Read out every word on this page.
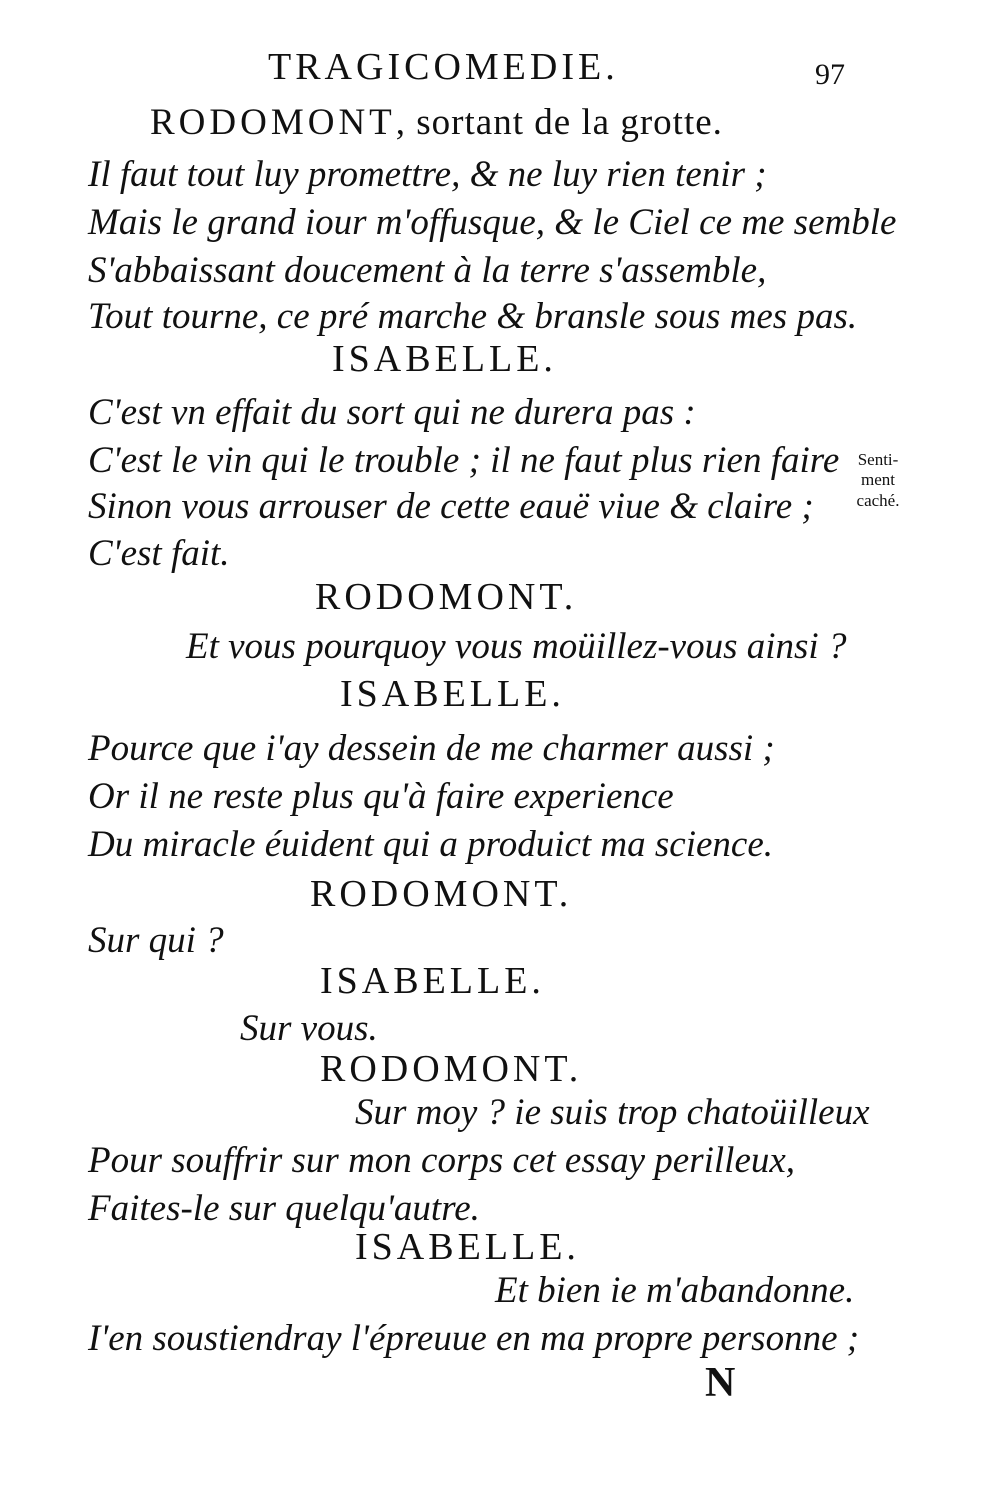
TRAGICOMEDIE.	97
RODOMONT, sortant de la grotte.
Il faut tout luy promettre, & ne luy rien tenir ;
Mais le grand iour m'offusque, & le Ciel ce me semble
S'abbaissant doucement à la terre s'assemble,
Tout tourne, ce pré marche & bransle sous mes pas.
ISABELLE.
C'est vn effait du sort qui ne durera pas :
C'est le vin qui le trouble ; il ne faut plus rien faire
Sinon vous arrouser de cette eauë viue & claire ;
C'est fait.
Senti-
ment
caché.
RODOMONT.
Et vous pourquoy vous moüillez-vous ainsi ?
ISABELLE.
Pource que i'ay dessein de me charmer aussi ;
Or il ne reste plus qu'à faire experience
Du miracle éuident qui a produict ma science.
RODOMONT.
Sur qui ?
ISABELLE.
Sur vous.
RODOMONT.
Sur moy ? ie suis trop chatoüilleux
Pour souffrir sur mon corps cet essay perilleux,
Faites-le sur quelqu'autre.
ISABELLE.
Et bien ie m'abandonne.
I'en soustiendray l'épreuue en ma propre personne ;
N
